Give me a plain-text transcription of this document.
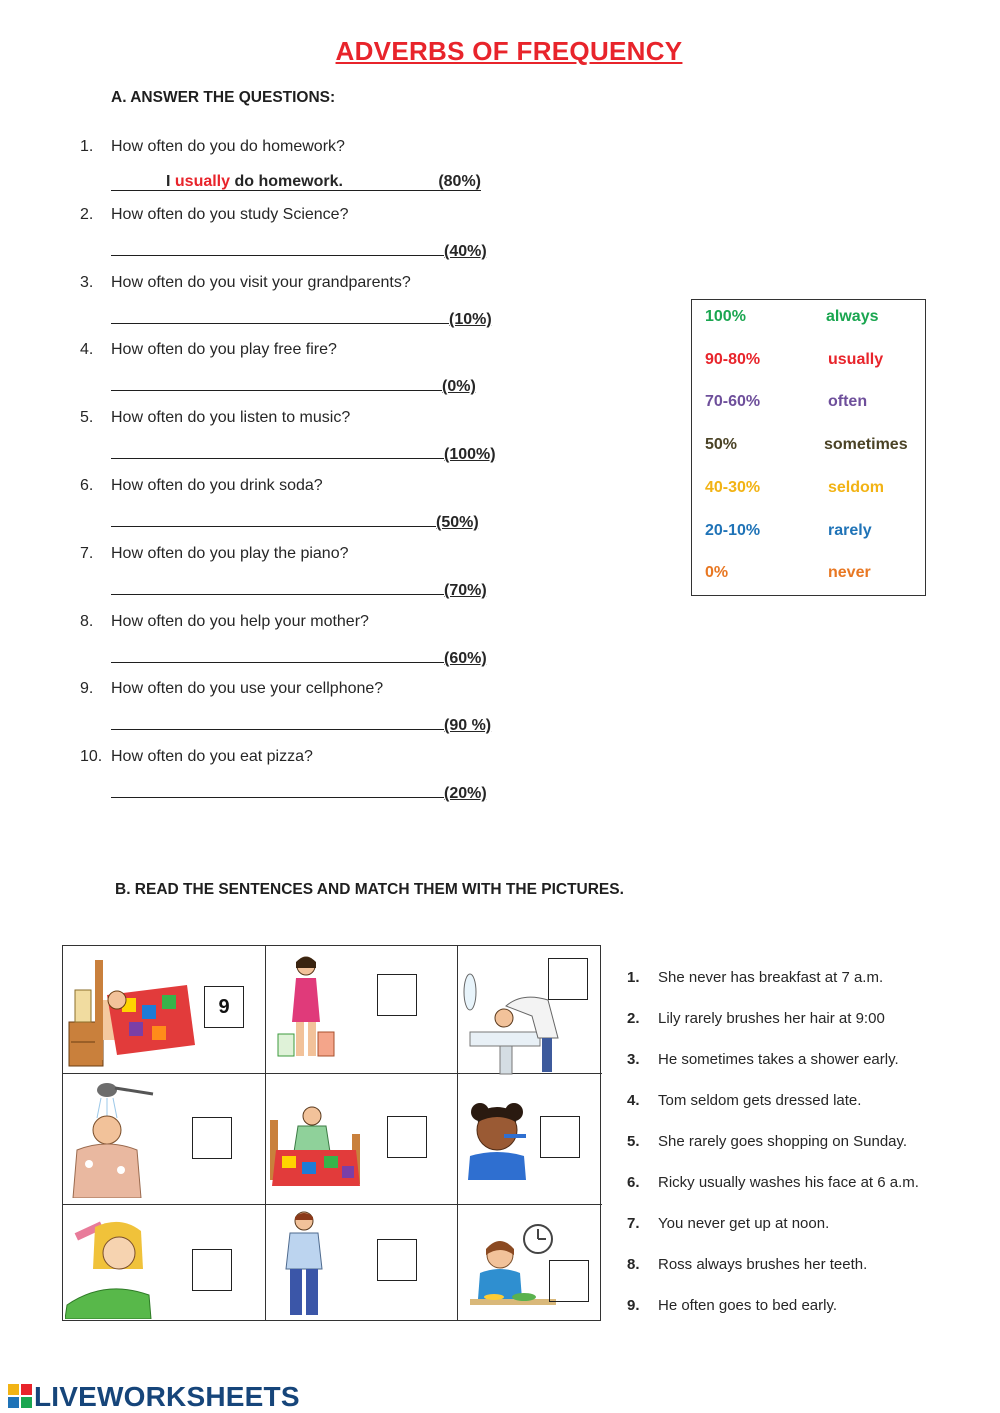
ADVERBS OF FREQUENCY
A. ANSWER THE QUESTIONS:
1.	How often do you do homework?
I usually do homework.	(80%)
2.	How often do you study Science?
(40%)
3.	How often do you visit your grandparents?
(10%)
4.	How often do you play free fire?
(0%)
5.	How often do you listen to music?
(100%)
6.	How often do you drink soda?
(50%)
7.	How often do you play the piano?
(70%)
8.	How often do you help your mother?
(60%)
9.	How often do you use your cellphone?
(90 %)
10. How often do you eat pizza?
(20%)
100%	always
90-80%	usually
70-60%	often
50%	sometimes
40-30%	seldom
20-10%	rarely
0%	never
B. READ THE SENTENCES AND MATCH THEM WITH THE PICTURES.
9
1. She never has breakfast at 7 a.m.
2. Lily rarely brushes her hair at 9:00
3. He sometimes takes a shower early.
4. Tom seldom gets dressed late.
5. She rarely goes shopping on Sunday.
6. Ricky usually washes his face at 6 a.m.
7. You never get up at noon.
8. Ross always brushes her teeth.
9. He often goes to bed early.
LIVEWORKSHEETS
